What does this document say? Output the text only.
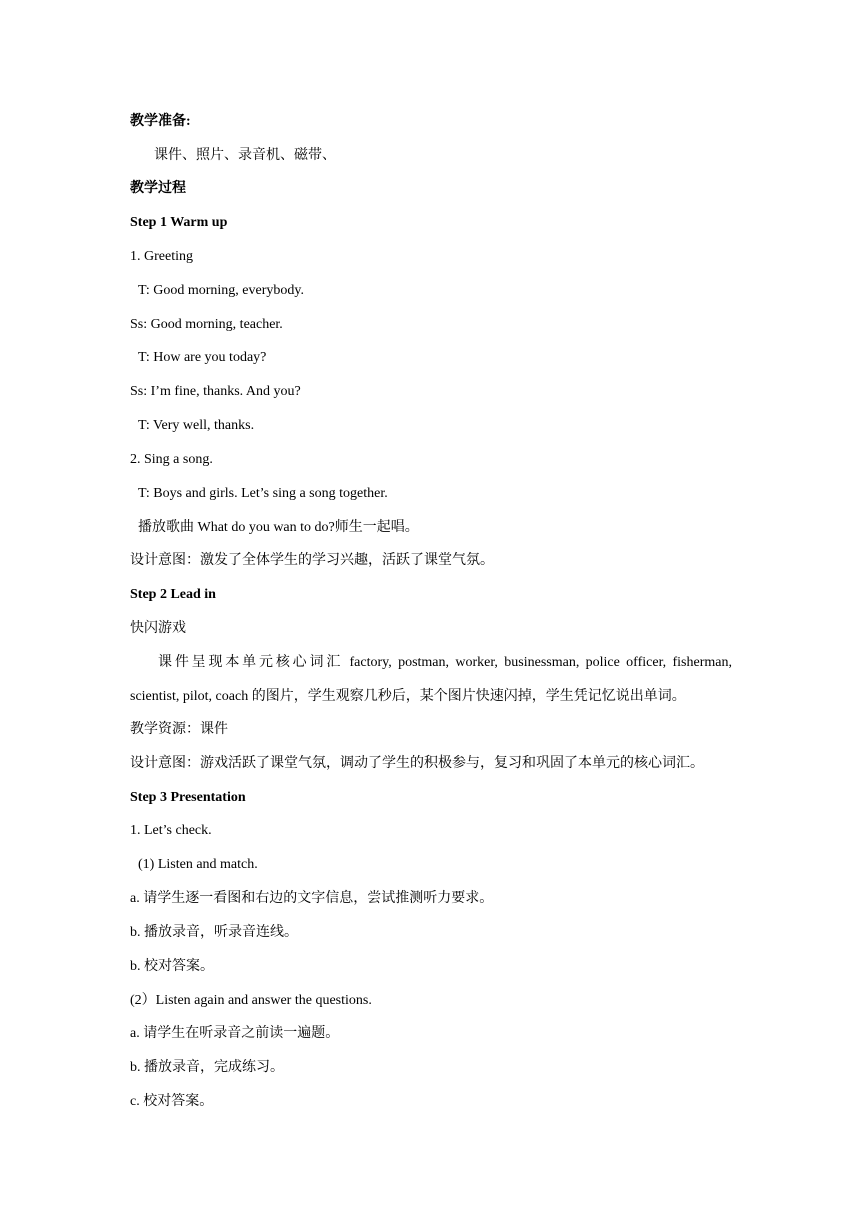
教学准备:
课件、照片、录音机、磁带、
教学过程
Step 1 Warm up
1. Greeting
T: Good morning, everybody.
Ss: Good morning, teacher.
T: How are you today?
Ss: I’m fine, thanks. And you?
T: Very well, thanks.
2. Sing a song.
T: Boys and girls. Let’s sing a song together.
播放歌曲 What do you wan to do?师生一起唱。
设计意图：激发了全体学生的学习兴趣，活跃了课堂气氛。
Step 2 Lead in
快闪游戏
课件呈现本单元核心词汇 factory, postman, worker, businessman, police officer, fisherman, scientist, pilot, coach 的图片，学生观察几秒后，某个图片快速闪掉，学生凭记忆说出单词。
教学资源：课件
设计意图：游戏活跃了课堂气氛，调动了学生的积极参与，复习和巩固了本单元的核心词汇。
Step 3 Presentation
1. Let’s check.
(1) Listen and match.
a. 请学生逐一看图和右边的文字信息，尝试推测听力要求。
b. 播放录音，听录音连线。
b. 校对答案。
(2）Listen again and answer the questions.
a. 请学生在听录音之前读一遍题。
b. 播放录音，完成练习。
c. 校对答案。
